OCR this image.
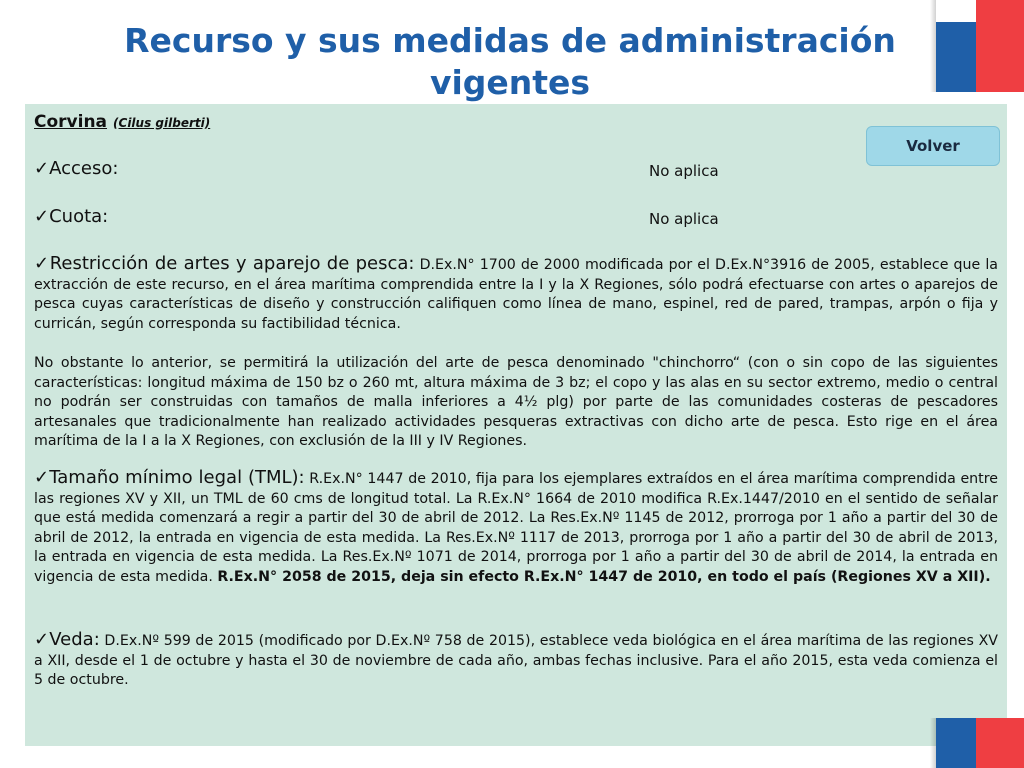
Recurso y sus medidas de administración vigentes
Corvina (Cilus gilberti)
Volver
✓Acceso:	No aplica
✓Cuota:	No aplica

✓Restricción de artes y aparejo de pesca: D.Ex.N° 1700 de 2000 modificada por el D.Ex.N°3916 de 2005, establece que la extracción de este recurso, en el área marítima comprendida entre la I y la X Regiones, sólo podrá efectuarse con artes o aparejos de pesca cuyas características de diseño y construcción califiquen como línea de mano, espinel, red de pared, trampas, arpón o fija y curricán, según corresponda su factibilidad técnica.

No obstante lo anterior, se permitirá la utilización del arte de pesca denominado "chinchorro“ (con o sin copo de las siguientes características: longitud máxima de 150 bz o 260 mt, altura máxima de 3 bz; el copo y las alas en su sector extremo, medio o central no podrán ser construidas con tamaños de malla inferiores a 4½ plg) por parte de las comunidades costeras de pescadores artesanales que tradicionalmente han realizado actividades pesqueras extractivas con dicho arte de pesca. Esto rige en el área marítima de la I a la X Regiones, con exclusión de la III y IV Regiones.

✓Tamaño mínimo legal (TML): R.Ex.N° 1447 de 2010, fija para los ejemplares extraídos en el área marítima comprendida entre las regiones XV y XII, un TML de 60 cms de longitud total. La R.Ex.N° 1664 de 2010 modifica R.Ex.1447/2010 en el sentido de señalar que está medida comenzará a regir a partir del 30 de abril de 2012. La Res.Ex.Nº 1145 de 2012, prorroga por 1 año a partir del 30 de abril de 2012, la entrada en vigencia de esta medida. La Res.Ex.Nº 1117 de 2013, prorroga por 1 año a partir del 30 de abril de 2013, la entrada en vigencia de esta medida. La Res.Ex.Nº 1071 de 2014, prorroga por 1 año a partir del 30 de abril de 2014, la entrada en vigencia de esta medida. R.Ex.N° 2058 de 2015, deja sin efecto R.Ex.N° 1447 de 2010, en todo el país (Regiones XV a XII).

✓Veda: D.Ex.Nº 599 de 2015 (modificado por D.Ex.Nº 758 de 2015), establece veda biológica en el área marítima de las regiones XV a XII, desde el 1 de octubre y hasta el 30 de noviembre de cada año, ambas fechas inclusive. Para el año 2015, esta veda comienza el 5 de octubre.
